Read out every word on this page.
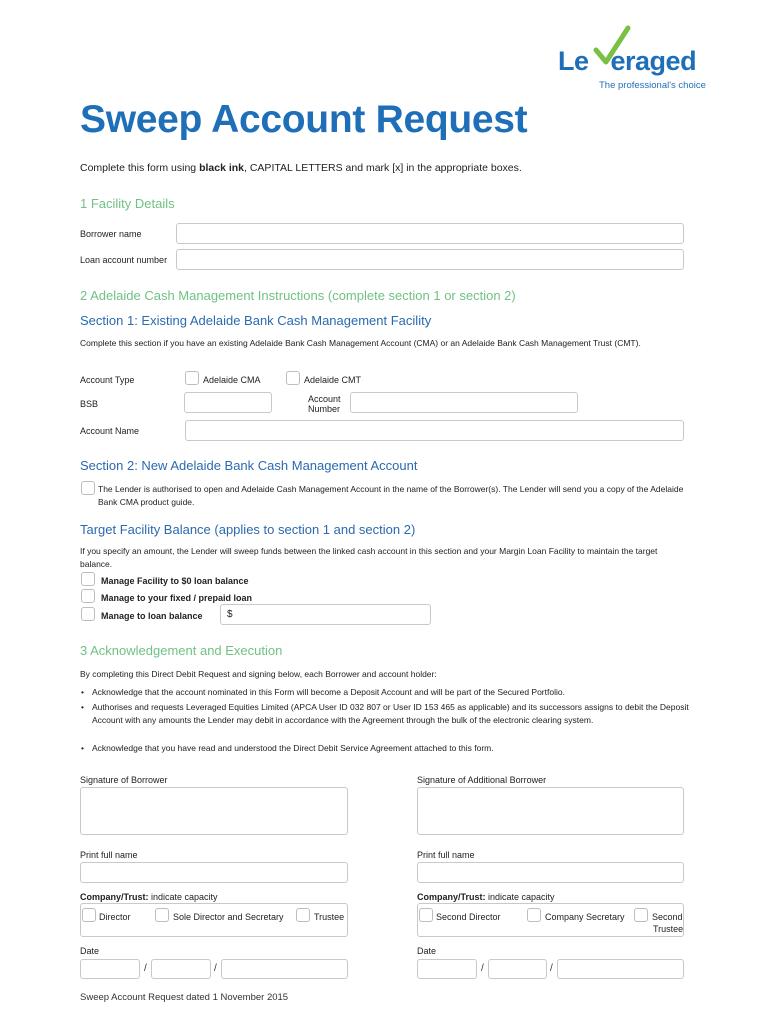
Le eraged
The professional's choice
Sweep Account Request
Complete this form using black ink, CAPITAL LETTERS and mark [x] in the appropriate boxes.
1 Facility Details
Borrower name
Loan account number
2 Adelaide Cash Management Instructions (complete section 1 or section 2)
Section 1: Existing Adelaide Bank Cash Management Facility
Complete this section if you have an existing Adelaide Bank Cash Management Account (CMA) or an Adelaide Bank Cash Management Trust (CMT).
Account Type	Adelaide CMA	Adelaide CMT
BSB	Account
Number
Account Name
Section 2: New Adelaide Bank Cash Management Account
The Lender is authorised to open and Adelaide Cash Management Account in the name of the Borrower(s). The Lender will send you a copy of the Adelaide Bank CMA product guide.
Target Facility Balance (applies to section 1 and section 2)
If you specify an amount, the Lender will sweep funds between the linked cash account in this section and your Margin Loan Facility to maintain the target balance.
Manage Facility to $0 loan balance
Manage to your fixed / prepaid loan
Manage to loan balance $
3 Acknowledgement and Execution
By completing this Direct Debit Request and signing below, each Borrower and account holder:
• Acknowledge that the account nominated in this Form will become a Deposit Account and will be part of the Secured Portfolio.
• Authorises and requests Leveraged Equities Limited (APCA User ID 032 807 or User ID 153 465 as applicable) and its successors assigns to debit the Deposit Account with any amounts the Lender may debit in accordance with the Agreement through the bulk of the electronic clearing system.
• Acknowledge that you have read and understood the Direct Debit Service Agreement attached to this form.
Signature of Borrower
Print full name
Company/Trust: indicate capacity
Director	Sole Director and Secretary	Trustee
Date
/	/
Signature of Additional Borrower
Print full name
Company/Trust: indicate capacity
Second Director	Company Secretary	Second
Trustee
Date
/	/
Sweep Account Request dated 1 November 2015
